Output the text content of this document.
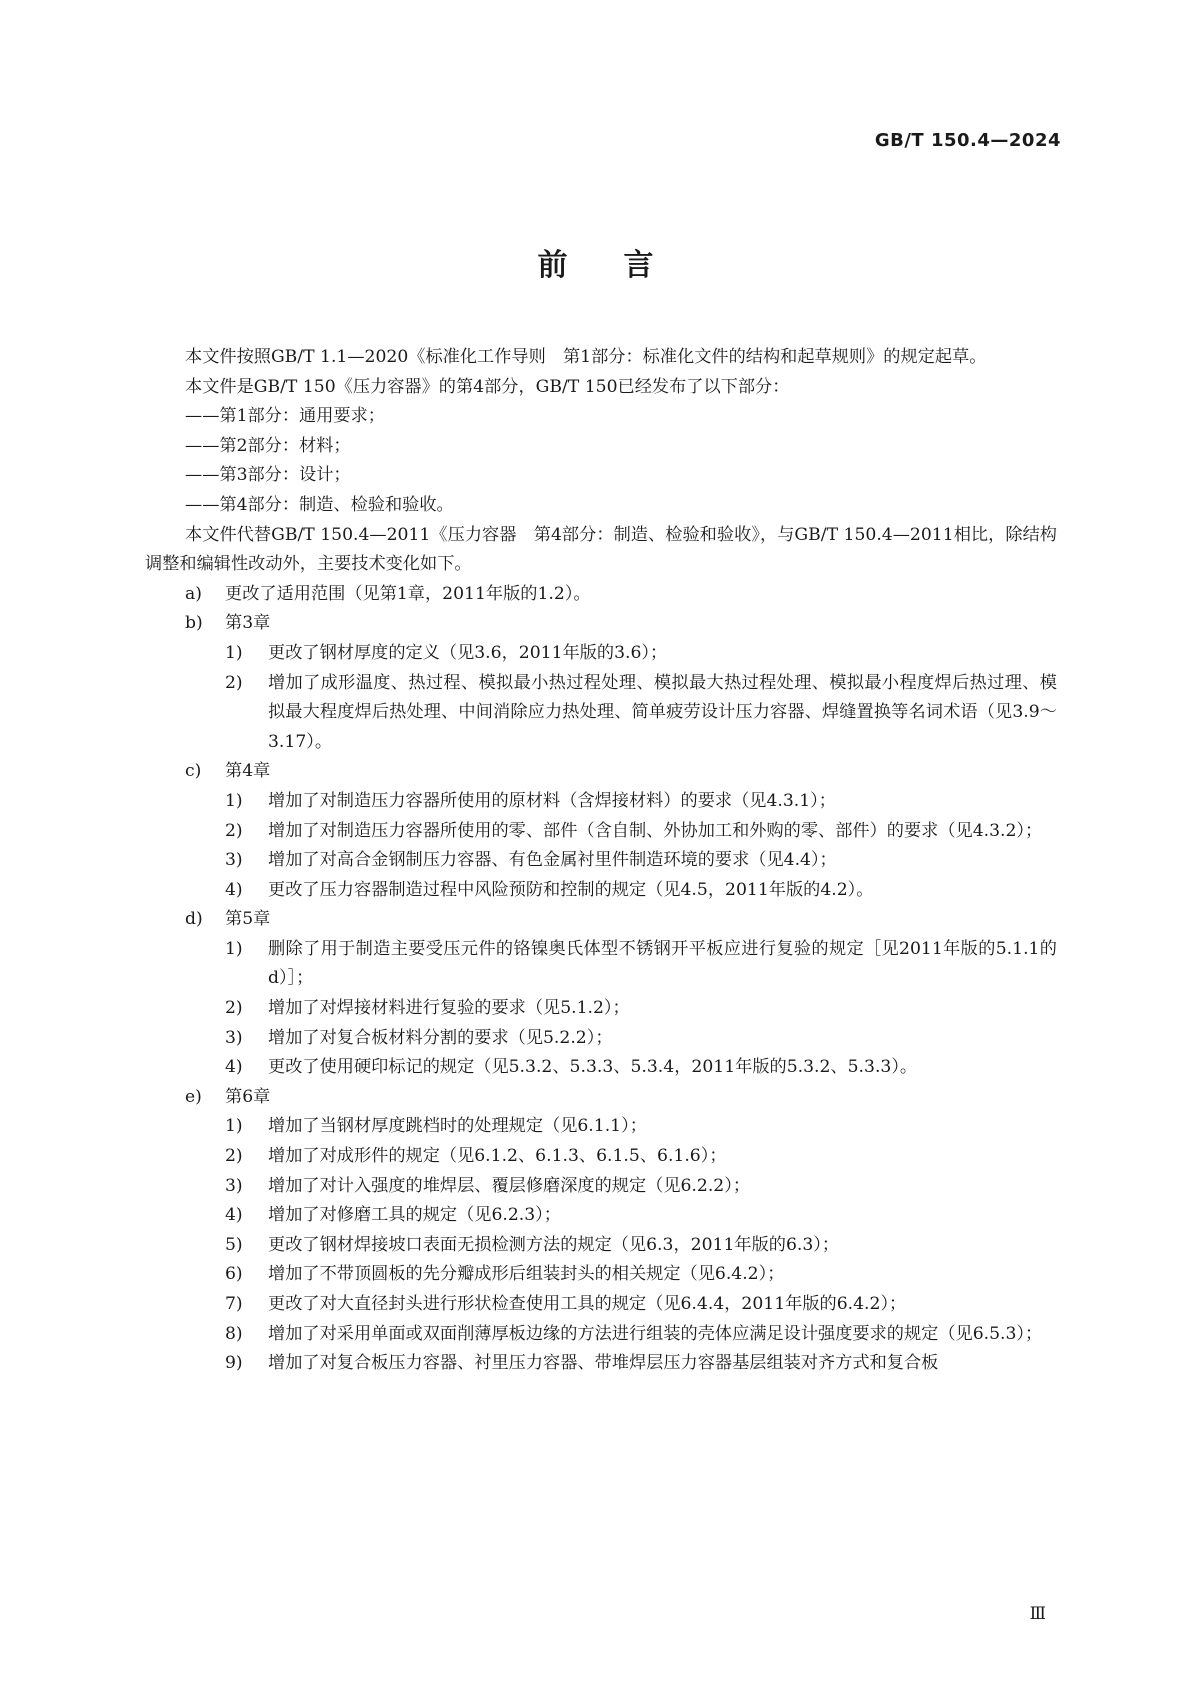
GB/T 150.4—2024
前言

本文件按照GB/T 1.1—2020《标准化工作导则　第1部分：标准化文件的结构和起草规则》的规定起草。

本文件是GB/T 150《压力容器》的第4部分，GB/T 150已经发布了以下部分：

——第1部分：通用要求；

——第2部分：材料；

——第3部分：设计；

——第4部分：制造、检验和验收。

本文件代替GB/T 150.4—2011《压力容器　第4部分：制造、检验和验收》，与GB/T 150.4—2011相比，除结构调整和编辑性改动外，主要技术变化如下。

a)	更改了适用范围（见第1章，2011年版的1.2）。
b)	第3章
1)	更改了钢材厚度的定义（见3.6，2011年版的3.6）；
2)	增加了成形温度、热过程、模拟最小热过程处理、模拟最大热过程处理、模拟最小程度焊后热过理、模拟最大程度焊后热处理、中间消除应力热处理、简单疲劳设计压力容器、焊缝置换等名词术语（见3.9～3.17）。
c)	第4章
1)	增加了对制造压力容器所使用的原材料（含焊接材料）的要求（见4.3.1）；
2)	增加了对制造压力容器所使用的零、部件（含自制、外协加工和外购的零、部件）的要求（见4.3.2）；
3)	增加了对高合金钢制压力容器、有色金属衬里件制造环境的要求（见4.4）；
4)	更改了压力容器制造过程中风险预防和控制的规定（见4.5，2011年版的4.2）。
d)	第5章
1)	删除了用于制造主要受压元件的铬镍奥氏体型不锈钢开平板应进行复验的规定［见2011年版的5.1.1的d）］；
2)	增加了对焊接材料进行复验的要求（见5.1.2）；
3)	增加了对复合板材料分割的要求（见5.2.2）；
4)	更改了使用硬印标记的规定（见5.3.2、5.3.3、5.3.4，2011年版的5.3.2、5.3.3）。
e)	第6章
1)	增加了当钢材厚度跳档时的处理规定（见6.1.1）；
2)	增加了对成形件的规定（见6.1.2、6.1.3、6.1.5、6.1.6）；
3)	增加了对计入强度的堆焊层、覆层修磨深度的规定（见6.2.2）；
4)	增加了对修磨工具的规定（见6.2.3）；
5)	更改了钢材焊接坡口表面无损检测方法的规定（见6.3，2011年版的6.3）；
6)	增加了不带顶圆板的先分瓣成形后组装封头的相关规定（见6.4.2）；
7)	更改了对大直径封头进行形状检查使用工具的规定（见6.4.4，2011年版的6.4.2）；
8)	增加了对采用单面或双面削薄厚板边缘的方法进行组装的壳体应满足设计强度要求的规定（见6.5.3）；
9)	增加了对复合板压力容器、衬里压力容器、带堆焊层压力容器基层组装对齐方式和复合板
Ⅲ
